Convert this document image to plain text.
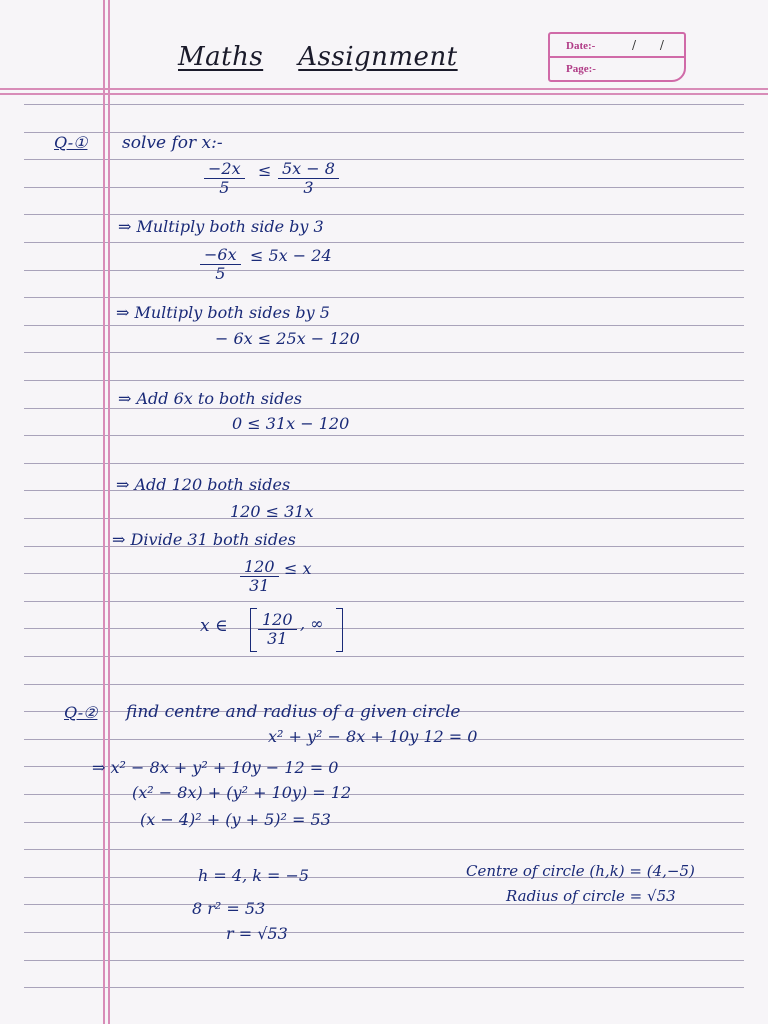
Maths Assignment	Date:-	/ /
Page:-
Q-① solve for x:-
$\frac{-2x}{5} \le \frac{5x - 8}{3}$
⇒ Multiply both side by 3
$\frac{-6x}{5} \le 5x - 24$
⇒ Multiply both sides by 5
− 6x ≤ 25x − 120
⇒ Add 6x to both sides
0 ≤ 31x − 120
⇒ Add 120 both sides
120 ≤ 31x
⇒ Divide 31 both sides
$\frac{120}{31} \le x$
x ∈ $\frac{120}{31}$ , ∞
Q-② find centre and radius of a given circle
x² + y² − 8x + 10y 12 = 0
⇒ x² − 8x + y² + 10y − 12 = 0
(x² − 8x) + (y² + 10y) = 12
(x − 4)² + (y + 5)² = 53
h = 4, k = −5
8 r² = 53
r = √53
Centre of circle (h,k) = (4,−5)
Radius of circle = √53
